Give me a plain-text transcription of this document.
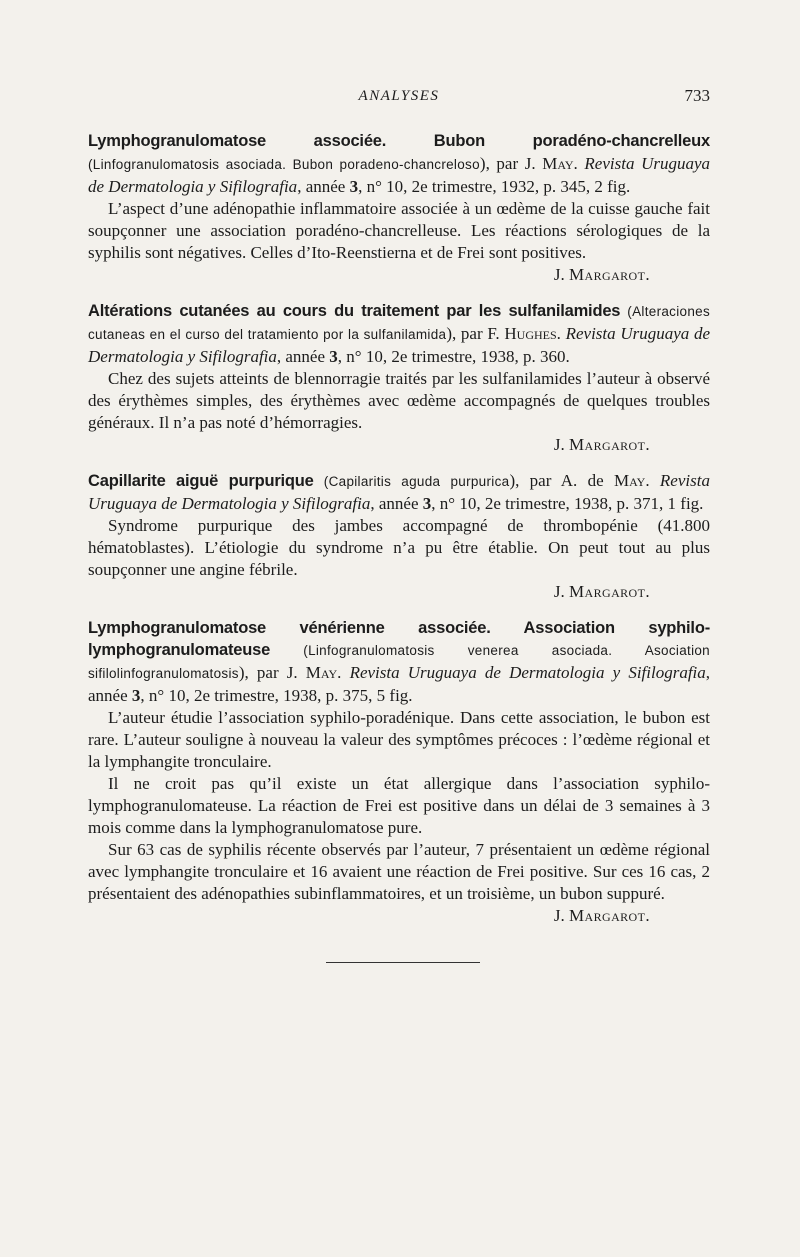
ANALYSES	733

Lymphogranulomatose associée. Bubon poradéno-chancrelleux (Linfogranulomatosis asociada. Bubon poradeno-chancreloso), par J. May. Revista Uruguaya de Dermatologia y Sifilografia, année 3, n° 10, 2e trimestre, 1932, p. 345, 2 fig.

L’aspect d’une adénopathie inflammatoire associée à un œdème de la cuisse gauche fait soupçonner une association poradéno-chancrelleuse. Les réactions sérologiques de la syphilis sont négatives. Celles d’Ito-Reenstierna et de Frei sont positives.

J. Margarot.

Altérations cutanées au cours du traitement par les sulfanilamides (Alteraciones cutaneas en el curso del tratamiento por la sulfanilamida), par F. Hughes. Revista Uruguaya de Dermatologia y Sifilografia, année 3, n° 10, 2e trimestre, 1938, p. 360.

Chez des sujets atteints de blennorragie traités par les sulfanilamides l’auteur à observé des érythèmes simples, des érythèmes avec œdème accompagnés de quelques troubles généraux. Il n’a pas noté d’hémorragies.

J. Margarot.

Capillarite aiguë purpurique (Capilaritis aguda purpurica), par A. de May. Revista Uruguaya de Dermatologia y Sifilografia, année 3, n° 10, 2e trimestre, 1938, p. 371, 1 fig.

Syndrome purpurique des jambes accompagné de thrombopénie (41.800 hématoblastes). L’étiologie du syndrome n’a pu être établie. On peut tout au plus soupçonner une angine fébrile.

J. Margarot.

Lymphogranulomatose vénérienne associée. Association syphilo-lymphogranulomateuse (Linfogranulomatosis venerea asociada. Asociation sifilolinfogranulomatosis), par J. May. Revista Uruguaya de Dermatologia y Sifilografia, année 3, n° 10, 2e trimestre, 1938, p. 375, 5 fig.

L’auteur étudie l’association syphilo-poradénique. Dans cette association, le bubon est rare. L’auteur souligne à nouveau la valeur des symptômes précoces : l’œdème régional et la lymphangite tronculaire.

Il ne croit pas qu’il existe un état allergique dans l’association syphilo-lymphogranulomateuse. La réaction de Frei est positive dans un délai de 3 semaines à 3 mois comme dans la lymphogranulomatose pure.

Sur 63 cas de syphilis récente observés par l’auteur, 7 présentaient un œdème régional avec lymphangite tronculaire et 16 avaient une réaction de Frei positive. Sur ces 16 cas, 2 présentaient des adénopathies subinflammatoires, et un troisième, un bubon suppuré.

J. Margarot.
